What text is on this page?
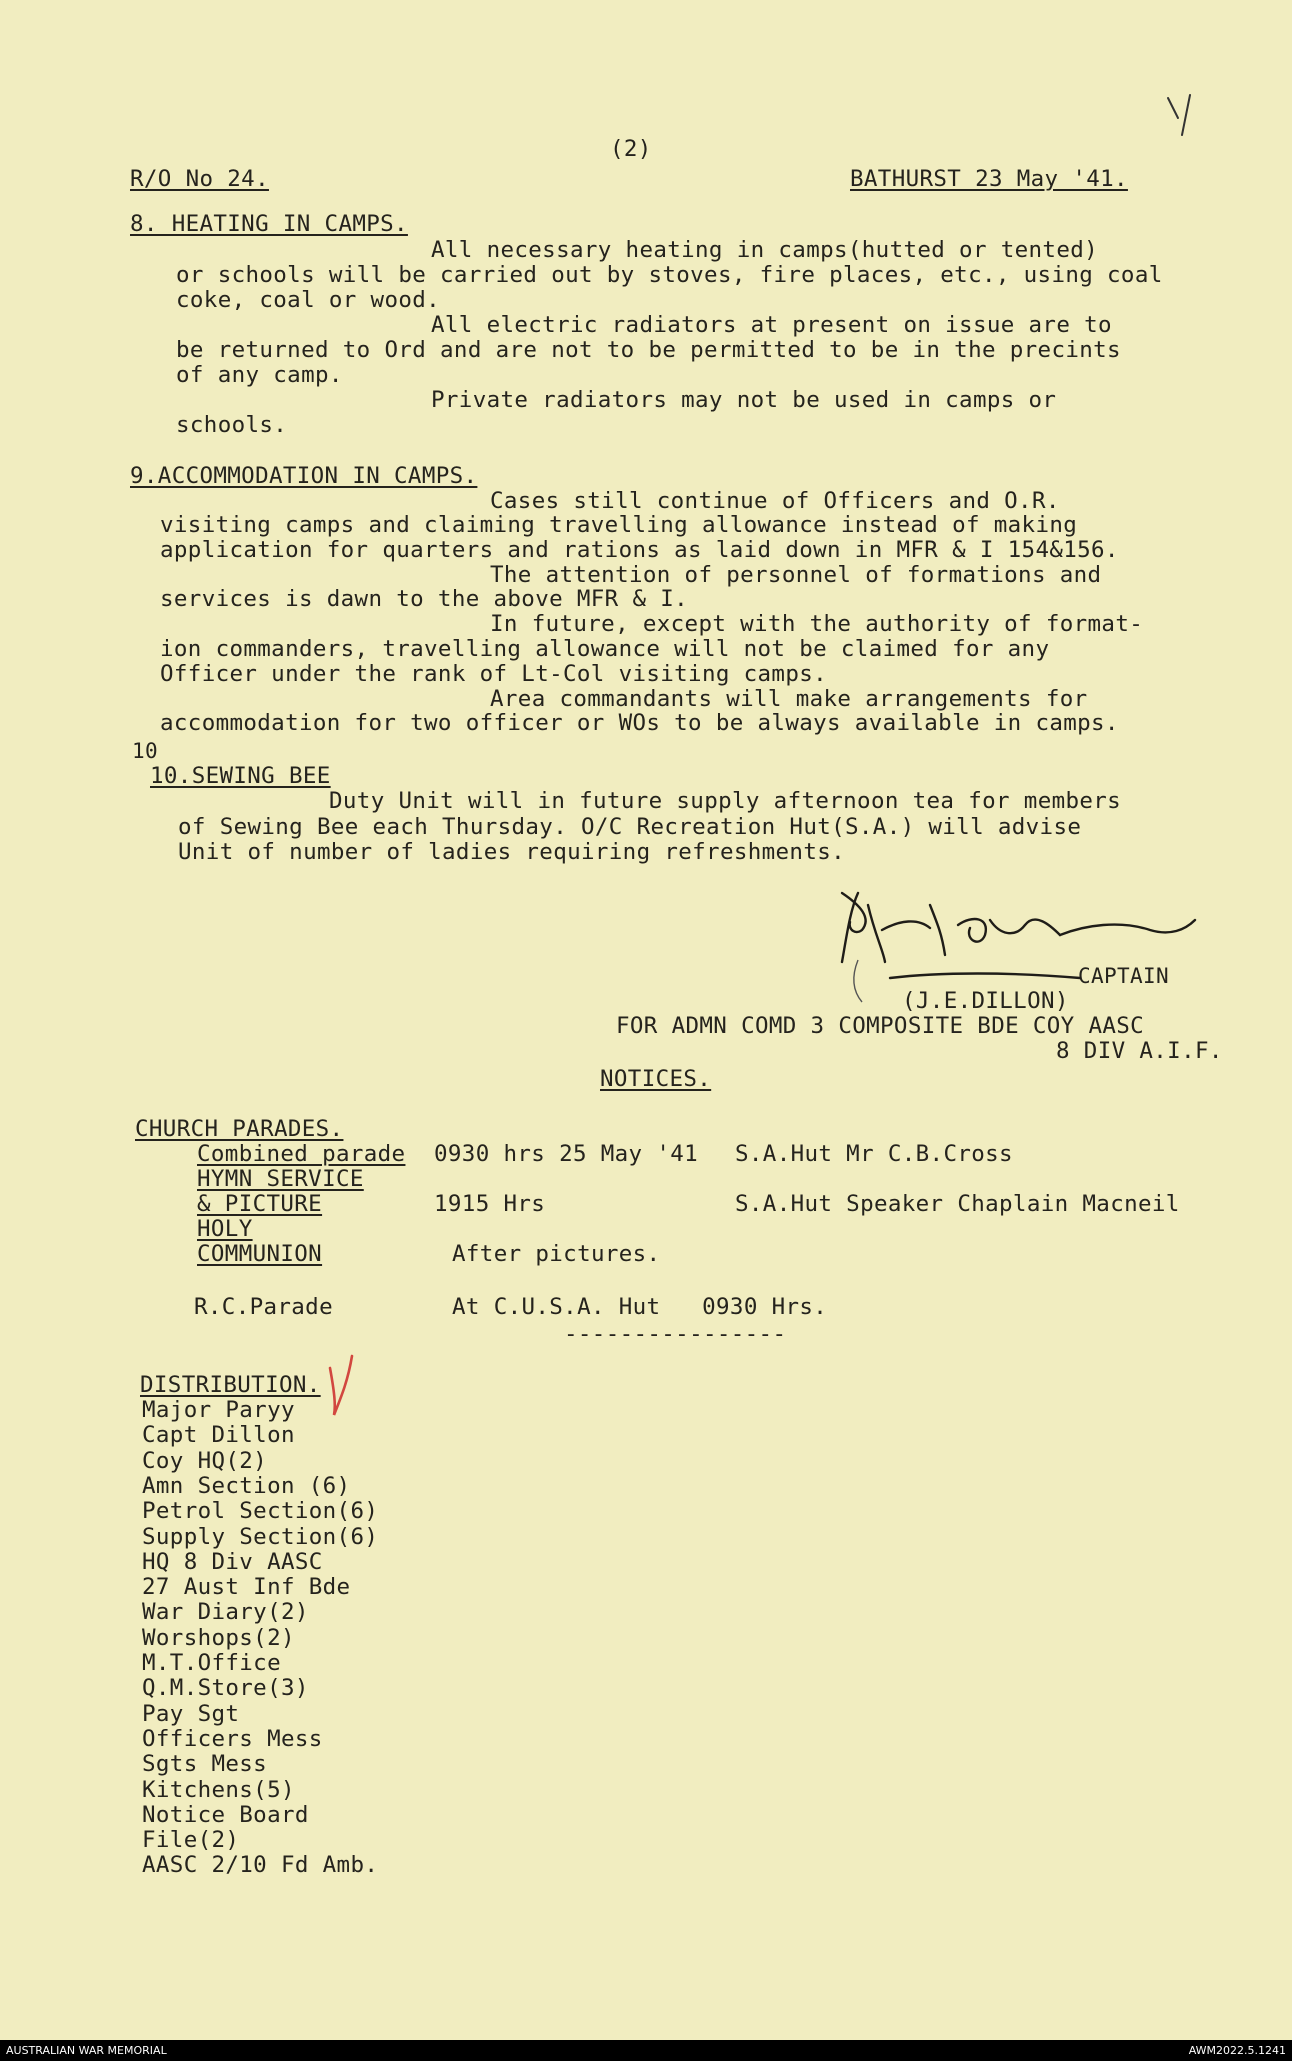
(2)
R/O No 24.	BATHURST 23 May '41.
8. HEATING IN CAMPS.
All necessary heating in camps(hutted or tented)
or schools will be carried out by stoves, fire places, etc., using coal
coke, coal or wood.
All electric radiators at present on issue are to
be returned to Ord and are not to be permitted to be in the precints
of any camp.
Private radiators may not be used in camps or
schools.
9.ACCOMMODATION IN CAMPS.
Cases still continue of Officers and O.R.
visiting camps and claiming travelling allowance instead of making
application for quarters and rations as laid down in MFR & I 154&156.
The attention of personnel of formations and
services is dawn to the above MFR & I.
In future, except with the authority of format-
ion commanders, travelling allowance will not be claimed for any
Officer under the rank of Lt-Col visiting camps.
Area commandants will make arrangements for
accommodation for two officer or WOs to be always available in camps.
10
10.SEWING BEE
Duty Unit will in future supply afternoon tea for members
of Sewing Bee each Thursday. O/C Recreation Hut(S.A.) will advise
Unit of number of ladies requiring refreshments.
CAPTAIN
(J.E.DILLON)
FOR ADMN COMD 3 COMPOSITE BDE COY AASC
8 DIV A.I.F.
NOTICES.
CHURCH PARADES.
Combined parade 0930 hrs 25 May '41 S.A.Hut Mr C.B.Cross
HYMN SERVICE
& PICTURE	1915 Hrs	S.A.Hut Speaker Chaplain Macneil
HOLY
COMMUNION	After pictures.
R.C.Parade	At C.U.S.A. Hut   0930 Hrs.
----------------
DISTRIBUTION.
Major Paryy
Capt Dillon
Coy HQ(2)
Amn Section (6)
Petrol Section(6)
Supply Section(6)
HQ 8 Div AASC
27 Aust Inf Bde
War Diary(2)
Worshops(2)
M.T.Office
Q.M.Store(3)
Pay Sgt
Officers Mess
Sgts Mess
Kitchens(5)
Notice Board
File(2)
AASC 2/10 Fd Amb.
AUSTRALIAN WAR MEMORIAL	AWM2022.5.1241
